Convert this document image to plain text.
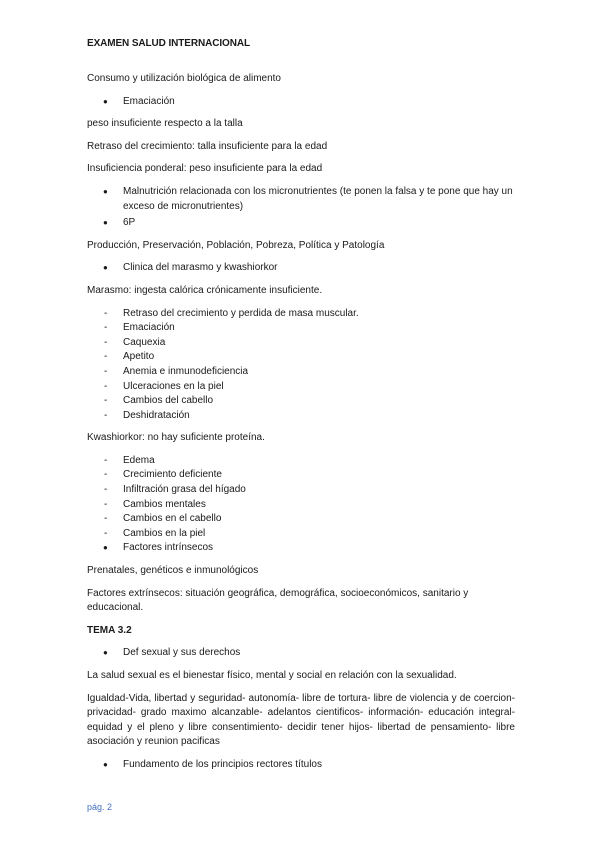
EXAMEN SALUD INTERNACIONAL

Consumo y utilización biológica de alimento

● Emaciación

peso insuficiente respecto a la talla

Retraso del crecimiento: talla insuficiente para la edad

Insuficiencia ponderal: peso insuficiente para la edad

● Malnutrición relacionada con los micronutrientes (te ponen la falsa y te pone que hay un exceso de micronutrientes)
● 6P

Producción, Preservación, Población, Pobreza, Política y Patología

● Clinica del marasmo y kwashiorkor

Marasmo: ingesta calórica crónicamente insuficiente.

- Retraso del crecimiento y perdida de masa muscular.
- Emaciación
- Caquexia
- Apetito
- Anemia e inmunodeficiencia
- Ulceraciones en la piel
- Cambios del cabello
- Deshidratación

Kwashiorkor: no hay suficiente proteína.

- Edema
- Crecimiento deficiente
- Infiltración grasa del hígado
- Cambios mentales
- Cambios en el cabello
- Cambios en la piel
● Factores intrínsecos

Prenatales, genéticos e inmunológicos

Factores extrínsecos: situación geográfica, demográfica, socioeconómicos, sanitario y educacional.

TEMA 3.2

● Def sexual y sus derechos

La salud sexual es el bienestar físico, mental y social en relación con la sexualidad.

Igualdad-Vida, libertad y seguridad- autonomía- libre de tortura- libre de violencia y de coercion- privacidad- grado maximo alcanzable- adelantos cientificos- información- educación integral- equidad y el pleno y libre consentimiento- decidir tener hijos- libertad de pensamiento- libre asociación y reunion pacificas

● Fundamento de los principios rectores títulos
pág. 2
